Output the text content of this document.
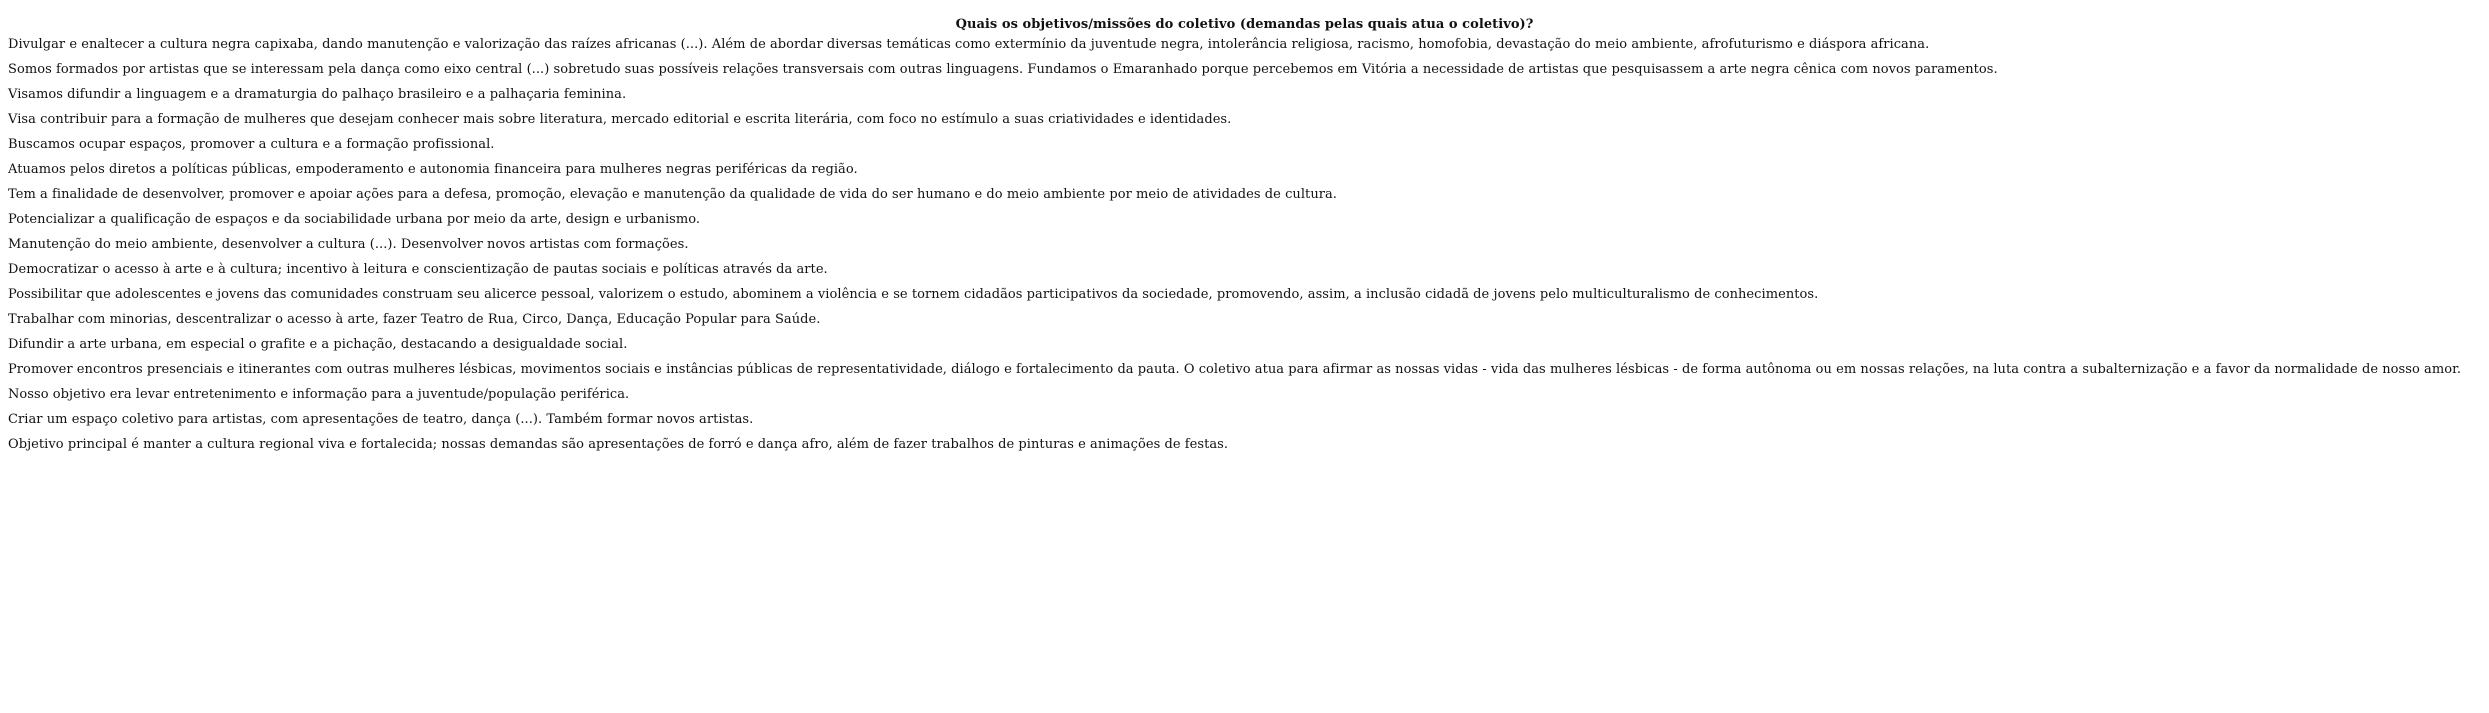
Quais os objetivos/missões do coletivo (demandas pelas quais atua o coletivo)?
Divulgar e enaltecer a cultura negra capixaba, dando manutenção e valorização das raízes africanas (...). Além de abordar diversas temáticas como extermínio da juventude negra, intolerância religiosa, racismo, homofobia, devastação do meio ambiente, afrofuturismo e diáspora africana.
Somos formados por artistas que se interessam pela dança como eixo central (...) sobretudo suas possíveis relações transversais com outras linguagens. Fundamos o Emaranhado porque percebemos em Vitória a necessidade de artistas que pesquisassem a arte negra cênica com novos paramentos.
Visamos difundir a linguagem e a dramaturgia do palhaço brasileiro e a palhaçaria feminina.
Visa contribuir para a formação de mulheres que desejam conhecer mais sobre literatura, mercado editorial e escrita literária, com foco no estímulo a suas criatividades e identidades.
Buscamos ocupar espaços, promover a cultura e a formação profissional.
Atuamos pelos diretos a políticas públicas, empoderamento e autonomia financeira para mulheres negras periféricas da região.
Tem a finalidade de desenvolver, promover e apoiar ações para a defesa, promoção, elevação e manutenção da qualidade de vida do ser humano e do meio ambiente por meio de atividades de cultura.
Potencializar a qualificação de espaços e da sociabilidade urbana por meio da arte, design e urbanismo.
Manutenção do meio ambiente, desenvolver a cultura (...). Desenvolver novos artistas com formações.
Democratizar o acesso à arte e à cultura; incentivo à leitura e conscientização de pautas sociais e políticas através da arte.
Possibilitar que adolescentes e jovens das comunidades construam seu alicerce pessoal, valorizem o estudo, abominem a violência e se tornem cidadãos participativos da sociedade, promovendo, assim, a inclusão cidadã de jovens pelo multiculturalismo de conhecimentos.
Trabalhar com minorias, descentralizar o acesso à arte, fazer Teatro de Rua, Circo, Dança, Educação Popular para Saúde.
Difundir a arte urbana, em especial o grafite e a pichação, destacando a desigualdade social.
Promover encontros presenciais e itinerantes com outras mulheres lésbicas, movimentos sociais e instâncias públicas de representatividade, diálogo e fortalecimento da pauta. O coletivo atua para afirmar as nossas vidas - vida das mulheres lésbicas - de forma autônoma ou em nossas relações, na luta contra a subalternização e a favor da normalidade de nosso amor.
Nosso objetivo era levar entretenimento e informação para a juventude/população periférica.
Criar um espaço coletivo para artistas, com apresentações de teatro, dança (...). Também formar novos artistas.
Objetivo principal é manter a cultura regional viva e fortalecida; nossas demandas são apresentações de forró e dança afro, além de fazer trabalhos de pinturas e animações de festas.
